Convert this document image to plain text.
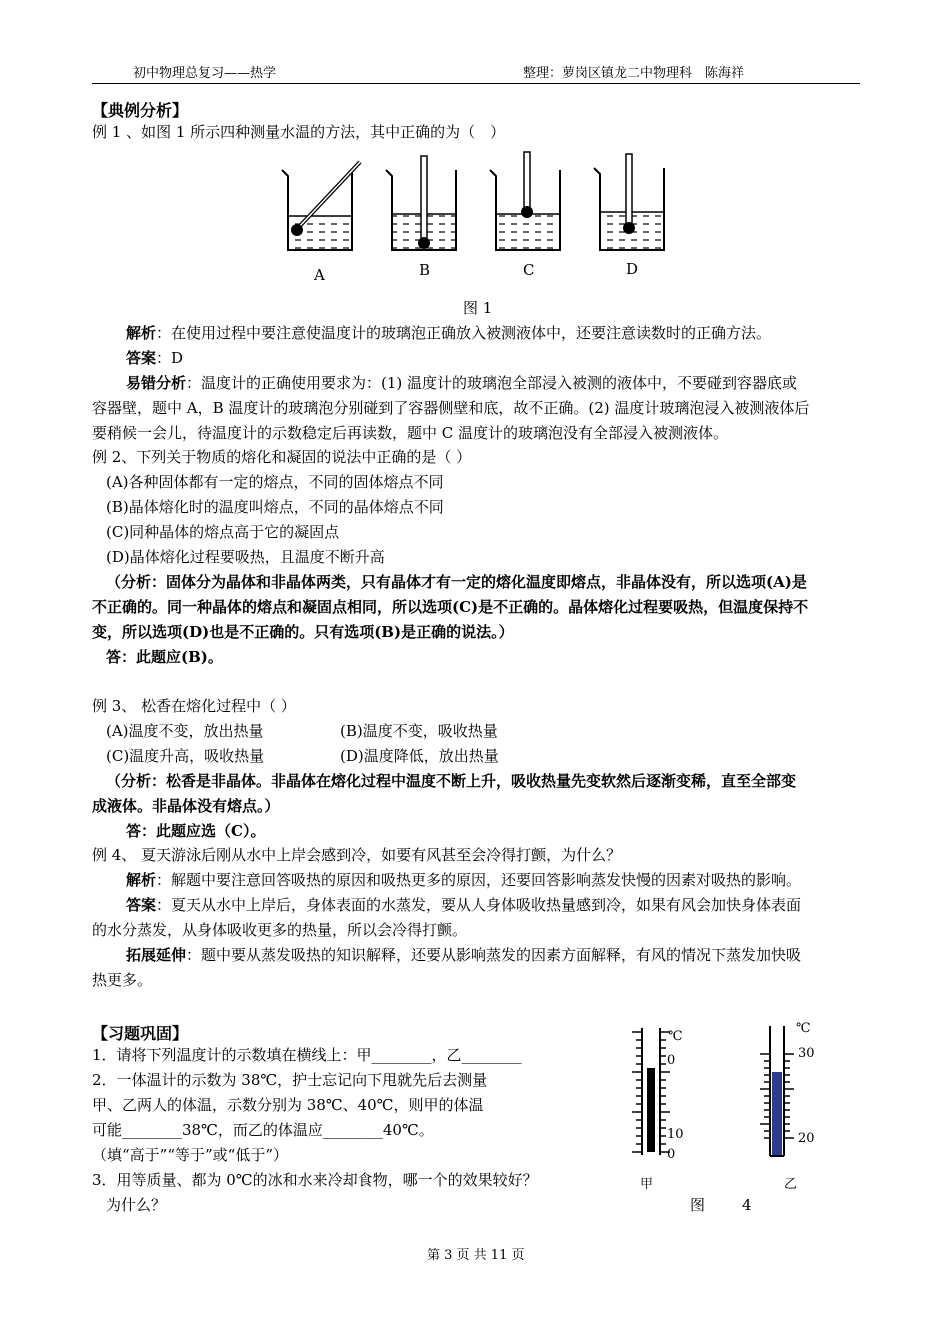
初中物理总复习——热学	整理：萝岗区镇龙二中物理科　陈海祥
【典例分析】
例 1 、如图 1 所示四种测量水温的方法，其中正确的为（　）
A	B	C	D
图 1
解析：在使用过程中要注意使温度计的玻璃泡正确放入被测液体中，还要注意读数时的正确方法。
答案：D
易错分析：温度计的正确使用要求为：(1) 温度计的玻璃泡全部浸入被测的液体中，不要碰到容器底或
容器壁，题中 A，B 温度计的玻璃泡分别碰到了容器侧壁和底，故不正确。(2) 温度计玻璃泡浸入被测液体后
要稍候一会儿，待温度计的示数稳定后再读数，题中 C 温度计的玻璃泡没有全部浸入被测液体。
例 2、下列关于物质的熔化和凝固的说法中正确的是（ ）
(A)各种固体都有一定的熔点，不同的固体熔点不同
(B)晶体熔化时的温度叫熔点，不同的晶体熔点不同
(C)同种晶体的熔点高于它的凝固点
(D)晶体熔化过程要吸热，且温度不断升高
（分析：固体分为晶体和非晶体两类，只有晶体才有一定的熔化温度即熔点，非晶体没有，所以选项(A)是
不正确的。同一种晶体的熔点和凝固点相同，所以选项(C)是不正确的。晶体熔化过程要吸热，但温度保持不
变，所以选项(D)也是不正确的。只有选项(B)是正确的说法。）
答：此题应(B)。
例 3、 松香在熔化过程中（ ）
(A)温度不变，放出热量	(B)温度不变，吸收热量
(C)温度升高，吸收热量	(D)温度降低，放出热量
（分析：松香是非晶体。非晶体在熔化过程中温度不断上升，吸收热量先变软然后逐渐变稀，直至全部变
成液体。非晶体没有熔点。）
答：此题应选（C）。
例 4、 夏天游泳后刚从水中上岸会感到冷，如要有风甚至会冷得打颤，为什么？
解析：解题中要注意回答吸热的原因和吸热更多的原因，还要回答影响蒸发快慢的因素对吸热的影响。
答案：夏天从水中上岸后，身体表面的水蒸发，要从人身体吸收热量感到冷，如果有风会加快身体表面
的水分蒸发，从身体吸收更多的热量，所以会冷得打颤。
拓展延伸：题中要从蒸发吸热的知识解释，还要从影响蒸发的因素方面解释，有风的情况下蒸发加快吸
热更多。
【习题巩固】
1．请将下列温度计的示数填在横线上：甲________，乙________
2．一体温计的示数为 38℃，护士忘记向下甩就先后去测量
甲、乙两人的体温，示数分别为 38℃、40℃，则甲的体温
可能________38℃，而乙的体温应________40℃。
（填“高于”“等于”或“低于”）
3．用等质量、都为 0℃的冰和水来冷却食物，哪一个的效果较好？
为什么？
℃
0
10
0
℃
30
20
甲	乙
图 4
第 3 页 共 11 页
